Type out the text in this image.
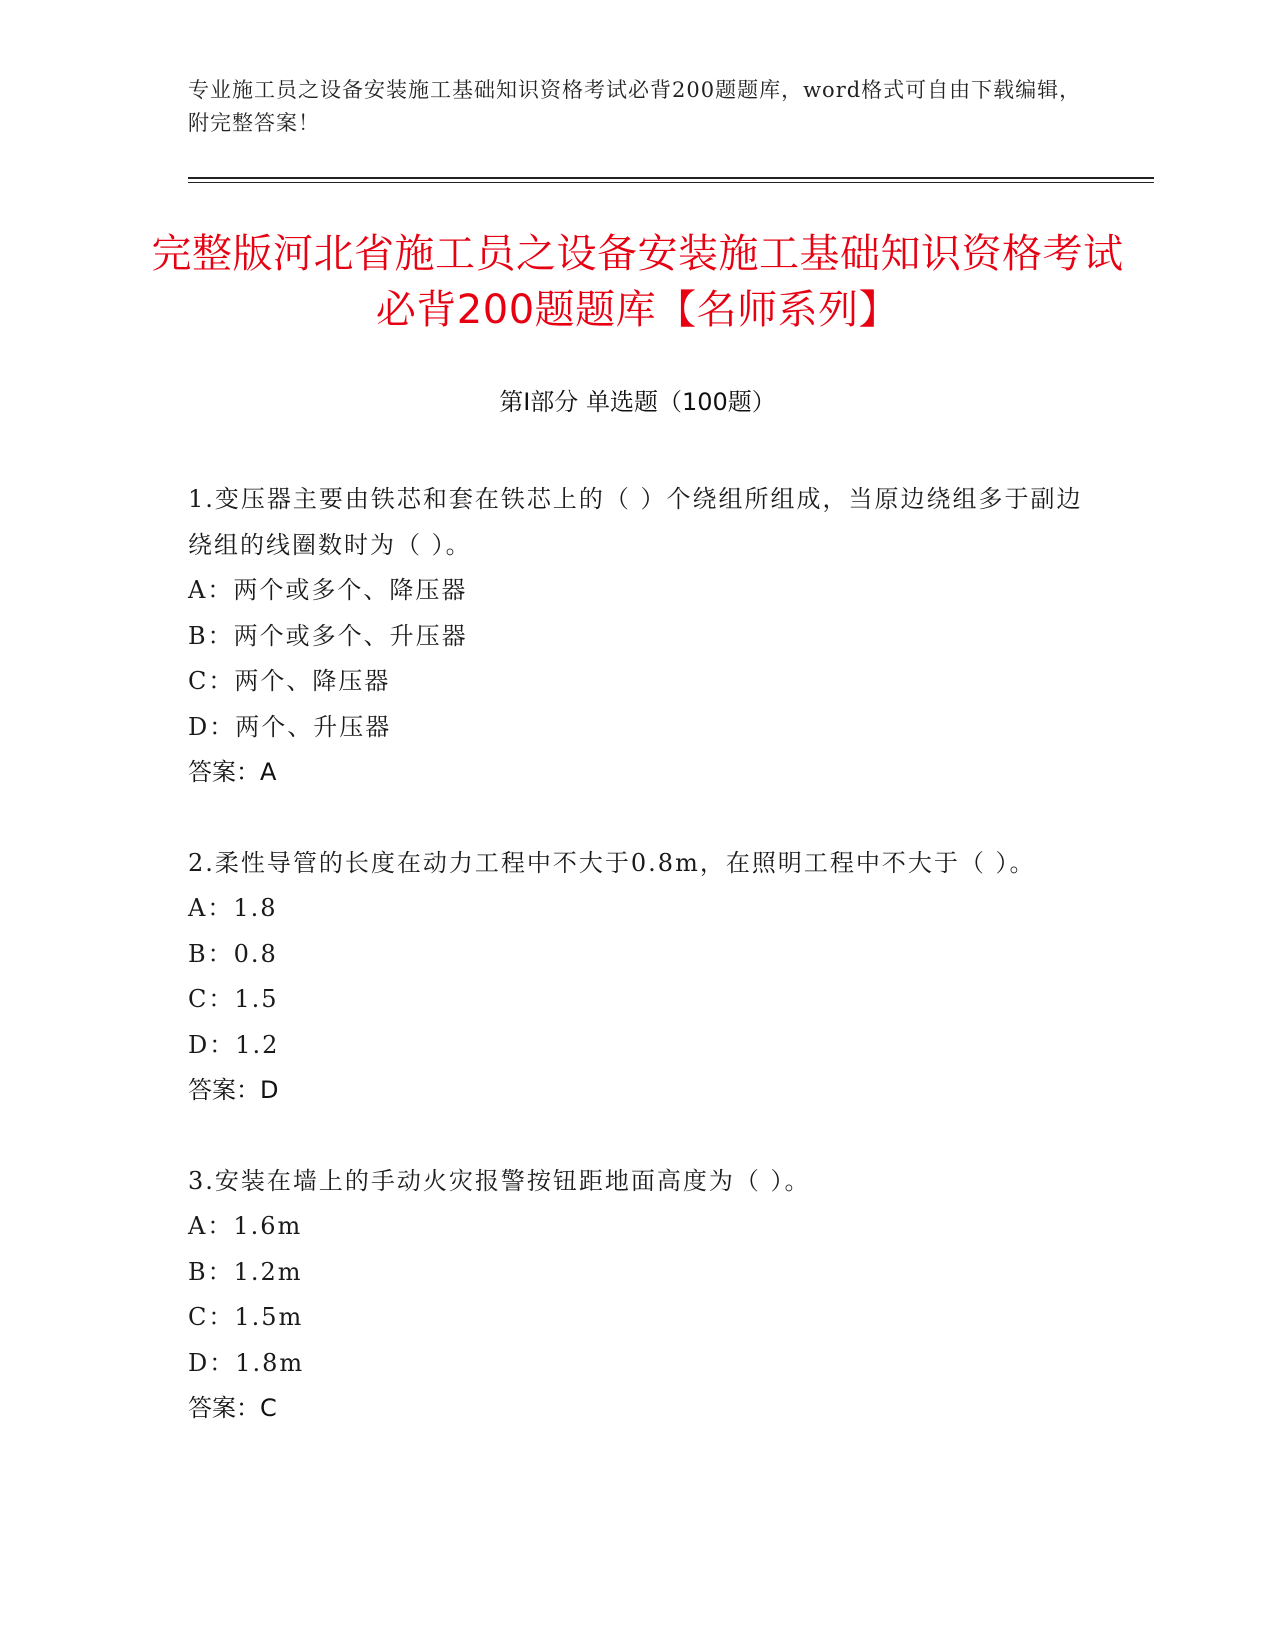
专业施工员之设备安装施工基础知识资格考试必背200题题库，word格式可自由下载编辑，附完整答案！
完整版河北省施工员之设备安装施工基础知识资格考试必背200题题库【名师系列】
第Ⅰ部分 单选题（100题）

1.变压器主要由铁芯和套在铁芯上的（ ）个绕组所组成，当原边绕组多于副边绕组的线圈数时为（ ）。

A：两个或多个、降压器

B：两个或多个、升压器

C：两个、降压器

D：两个、升压器

答案：A

2.柔性导管的长度在动力工程中不大于0.8m，在照明工程中不大于（ ）。

A：1.8

B：0.8

C：1.5

D：1.2

答案：D

3.安装在墙上的手动火灾报警按钮距地面高度为（ ）。

A：1.6m

B：1.2m

C：1.5m

D：1.8m

答案：C
